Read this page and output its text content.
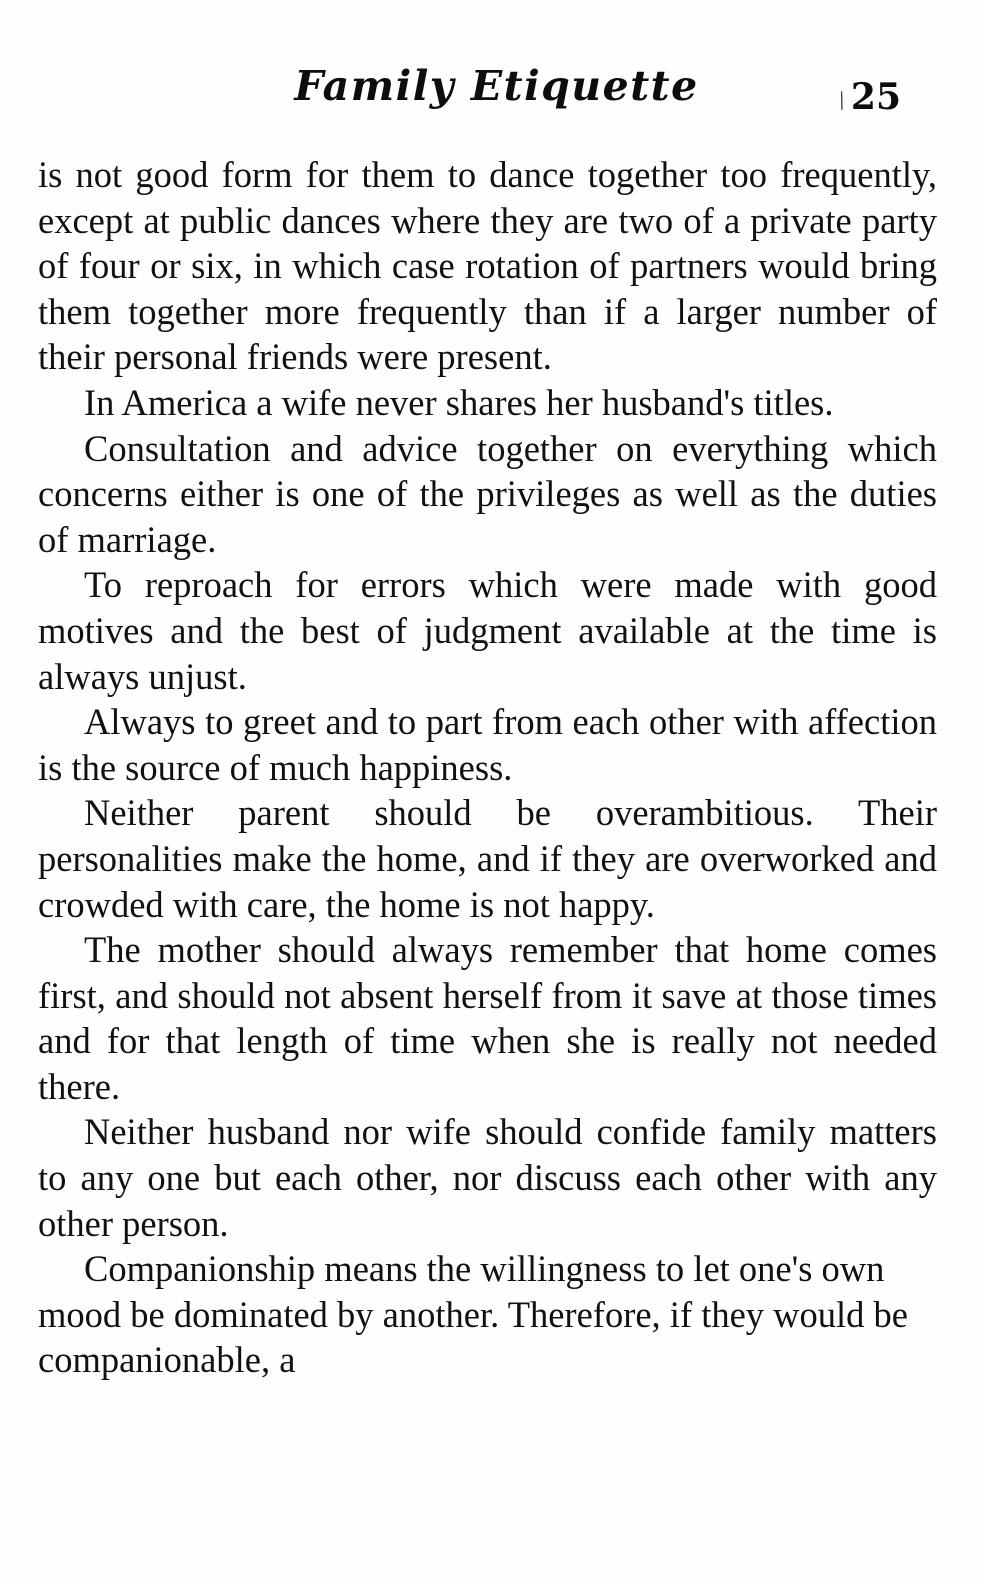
Family Etiquette	\ 25

is not good form for them to dance together too frequently, except at public dances where they are two of a private party of four or six, in which case rotation of partners would bring them together more frequently than if a larger number of their personal friends were present.

In America a wife never shares her husband's titles.

Consultation and advice together on everything which concerns either is one of the privileges as well as the duties of marriage.

To reproach for errors which were made with good motives and the best of judgment available at the time is always unjust.

Always to greet and to part from each other with affection is the source of much happiness.

Neither parent should be overambitious. Their personalities make the home, and if they are overworked and crowded with care, the home is not happy.

The mother should always remember that home comes first, and should not absent herself from it save at those times and for that length of time when she is really not needed there.

Neither husband nor wife should confide family matters to any one but each other, nor discuss each other with any other person.

Companionship means the willingness to let one's own mood be dominated by another. Therefore, if they would be companionable, a
